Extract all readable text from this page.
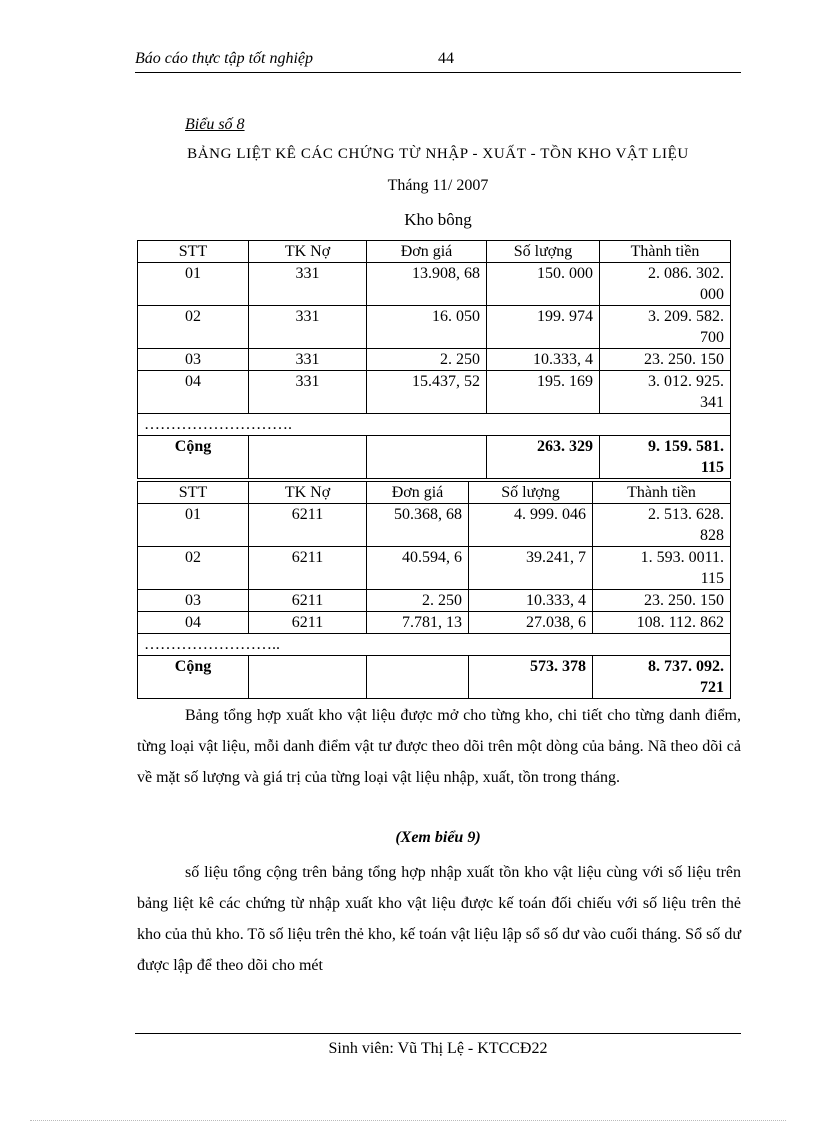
Báo cáo thực tập tốt nghiệp	44
Biểu số 8
BẢNG LIỆT KÊ CÁC CHỨNG TỪ NHẬP - XUẤT - TỒN KHO VẬT LIỆU
Tháng 11/ 2007
Kho bông
STT	TK Nợ	Đơn giá	Số lượng	Thành tiền
01	331	13.908, 68	150. 000	2. 086. 302.
000

02	331	16. 050	199. 974	3. 209. 582.
700

03	331	2. 250	10.333, 4	23. 250. 150
04	331	15.437, 52	195. 169	3. 012. 925.
341

……………………….				
Cộng			263. 329	9. 159. 581.
115
STT	TK Nợ	Đơn giá	Số lượng	Thành tiền
01	6211	50.368, 68	4. 999. 046	2. 513. 628.
828

02	6211	40.594, 6	39.241, 7	1. 593. 0011.
115

03	6211	2. 250	10.333, 4	23. 250. 150
04	6211	7.781, 13	27.038, 6	108. 112. 862
……………………..				
Cộng			573. 378	8. 737. 092.
721

Bảng tổng hợp xuất kho vật liệu được mở cho từng kho, chi tiết cho từng danh điểm, từng loại vật liệu, mỗi danh điểm vật tư được theo dõi trên một dòng của bảng. Nã theo dõi cả về mặt số lượng và giá trị của từng loại vật liệu nhập, xuất, tồn trong tháng.

(Xem biểu 9)

số liệu tổng cộng trên bảng tổng hợp nhập xuất tồn kho vật liệu cùng với số liệu trên bảng liệt kê các chứng từ nhập xuất kho vật liệu được kế toán đối chiếu với số liệu trên thẻ kho của thủ kho. Tõ số liệu trên thẻ kho, kế toán vật liệu lập sổ số dư vào cuối tháng. Sổ số dư được lập để theo dõi cho mét

Sinh viên: Vũ Thị Lệ - KTCCĐ22
